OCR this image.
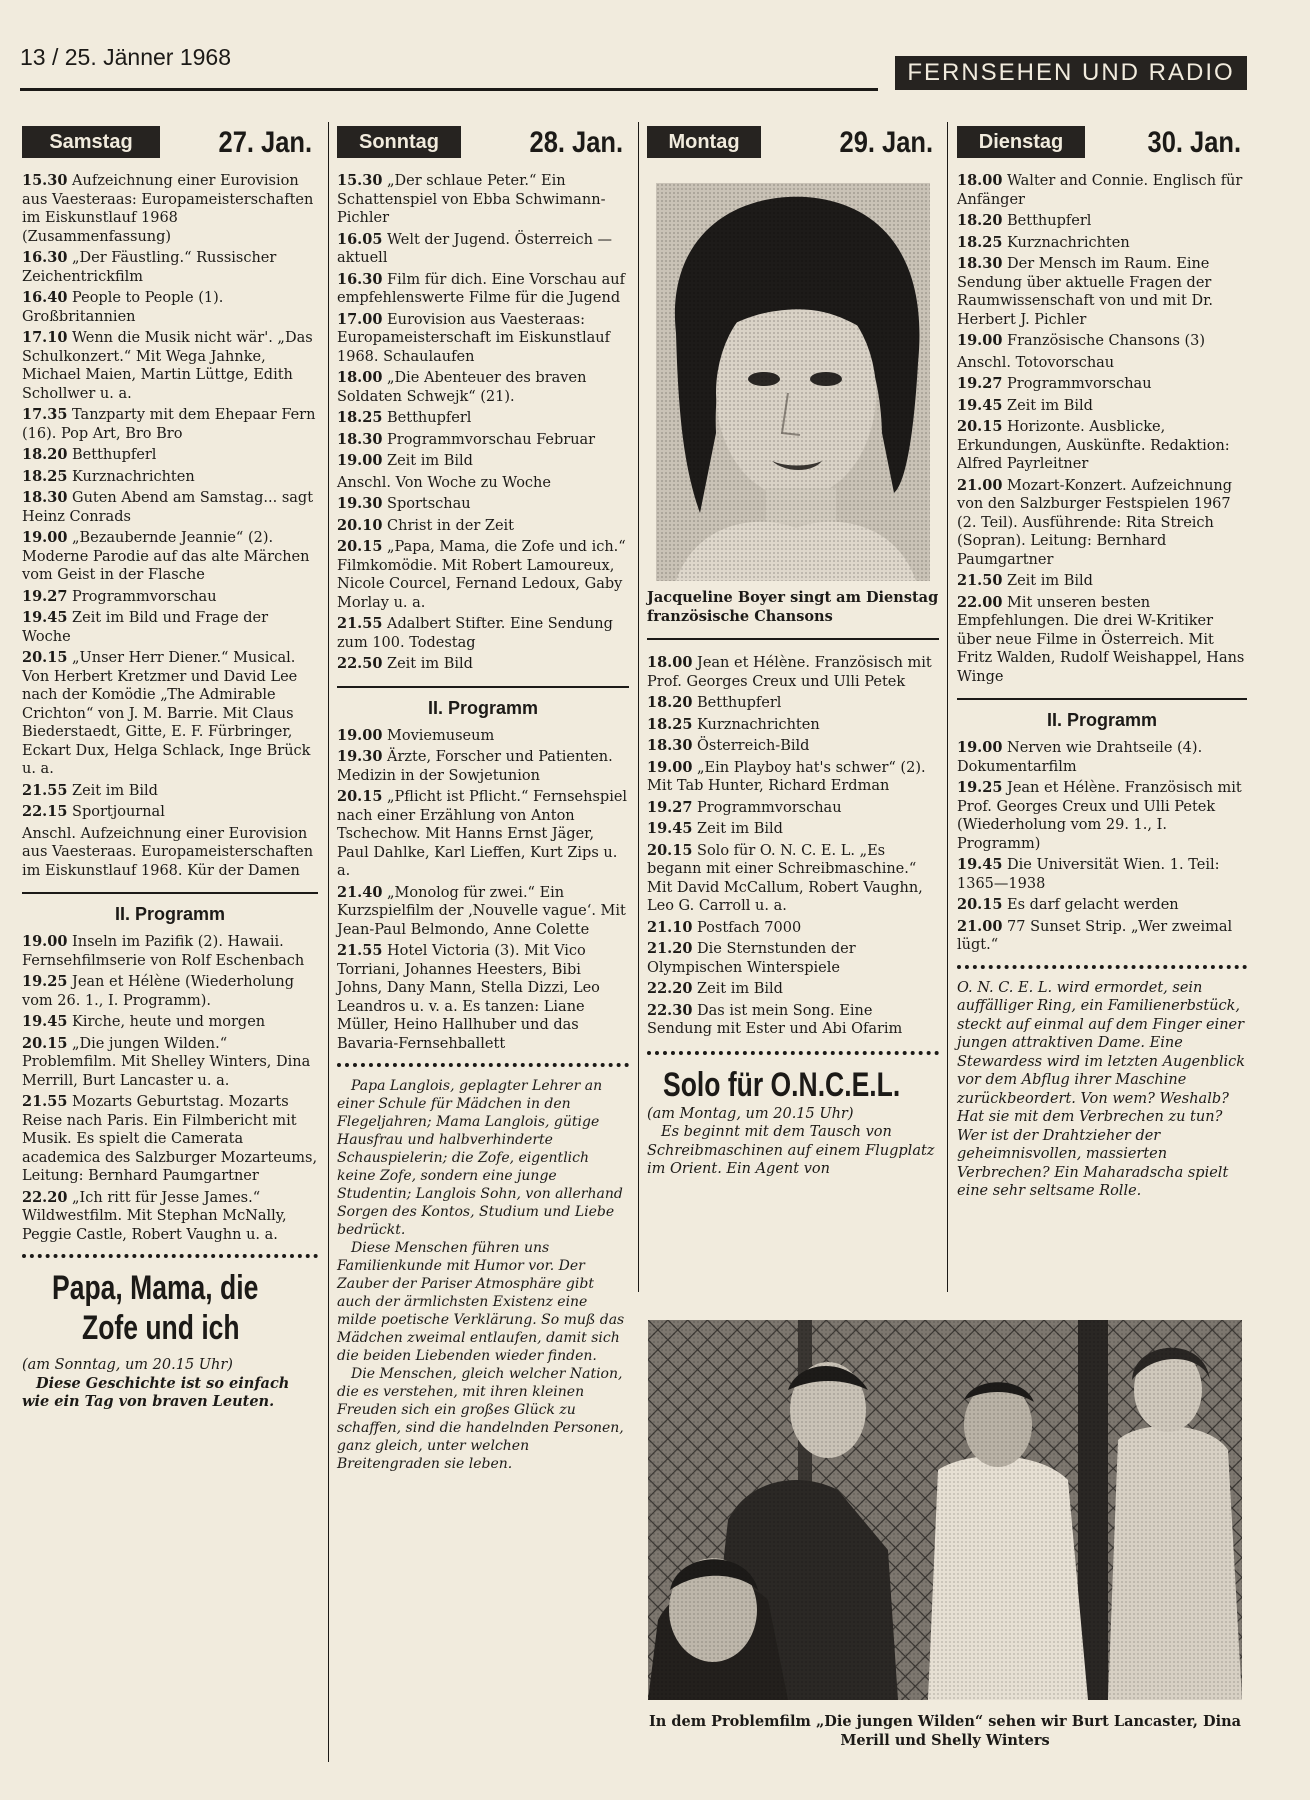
13 / 25. Jänner 1968
FERNSEHEN UND RADIO
Samstag	27. Jan.
15.30 Aufzeichnung einer Eurovision aus Vaesteraas: Europameisterschaften im Eiskunstlauf 1968 (Zusammenfassung)
16.30 „Der Fäustling.“ Russischer Zeichentrickfilm
16.40 People to People (1). Großbritannien
17.10 Wenn die Musik nicht wär'. „Das Schulkonzert.“ Mit Wega Jahnke, Michael Maien, Martin Lüttge, Edith Schollwer u. a.
17.35 Tanzparty mit dem Ehepaar Fern (16). Pop Art, Bro Bro
18.20 Betthupferl
18.25 Kurznachrichten
18.30 Guten Abend am Samstag... sagt Heinz Conrads
19.00 „Bezaubernde Jeannie“ (2). Moderne Parodie auf das alte Märchen vom Geist in der Flasche
19.27 Programmvorschau
19.45 Zeit im Bild und Frage der Woche
20.15 „Unser Herr Diener.“ Musical. Von Herbert Kretzmer und David Lee nach der Komödie „The Admirable Crichton“ von J. M. Barrie. Mit Claus Biederstaedt, Gitte, E. F. Fürbringer, Eckart Dux, Helga Schlack, Inge Brück u. a.
21.55 Zeit im Bild
22.15 Sportjournal
Anschl. Aufzeichnung einer Eurovision aus Vaesteraas. Europameisterschaften im Eiskunstlauf 1968. Kür der Damen
II. Programm
19.00 Inseln im Pazifik (2). Hawaii. Fernsehfilmserie von Rolf Eschenbach
19.25 Jean et Hélène (Wiederholung vom 26. 1., I. Programm).
19.45 Kirche, heute und morgen
20.15 „Die jungen Wilden.“ Problemfilm. Mit Shelley Winters, Dina Merrill, Burt Lancaster u. a.
21.55 Mozarts Geburtstag. Mozarts Reise nach Paris. Ein Filmbericht mit Musik. Es spielt die Camerata academica des Salzburger Mozarteums, Leitung: Bernhard Paumgartner
22.20 „Ich ritt für Jesse James.“ Wildwestfilm. Mit Stephan McNally, Peggie Castle, Robert Vaughn u. a.
Papa, Mama, die
Zofe und ich
(am Sonntag, um 20.15 Uhr)
Diese Geschichte ist so einfach wie ein Tag von braven Leuten.
Sonntag	28. Jan.
15.30 „Der schlaue Peter.“ Ein Schattenspiel von Ebba Schwimann-Pichler
16.05 Welt der Jugend. Österreich — aktuell
16.30 Film für dich. Eine Vorschau auf empfehlenswerte Filme für die Jugend
17.00 Eurovision aus Vaesteraas: Europameisterschaft im Eiskunstlauf 1968. Schaulaufen
18.00 „Die Abenteuer des braven Soldaten Schwejk“ (21).
18.25 Betthupferl
18.30 Programmvorschau Februar
19.00 Zeit im Bild
Anschl. Von Woche zu Woche
19.30 Sportschau
20.10 Christ in der Zeit
20.15 „Papa, Mama, die Zofe und ich.“ Filmkomödie. Mit Robert Lamoureux, Nicole Courcel, Fernand Ledoux, Gaby Morlay u. a.
21.55 Adalbert Stifter. Eine Sendung zum 100. Todestag
22.50 Zeit im Bild
II. Programm
19.00 Moviemuseum
19.30 Ärzte, Forscher und Patienten. Medizin in der Sowjetunion
20.15 „Pflicht ist Pflicht.“ Fernsehspiel nach einer Erzählung von Anton Tschechow. Mit Hanns Ernst Jäger, Paul Dahlke, Karl Lieffen, Kurt Zips u. a.
21.40 „Monolog für zwei.“ Ein Kurzspielfilm der ‚Nouvelle vague‘. Mit Jean-Paul Belmondo, Anne Colette
21.55 Hotel Victoria (3). Mit Vico Torriani, Johannes Heesters, Bibi Johns, Dany Mann, Stella Dizzi, Leo Leandros u. v. a. Es tanzen: Liane Müller, Heino Hallhuber und das Bavaria-Fernsehballett
Papa Langlois, geplagter Lehrer an einer Schule für Mädchen in den Flegeljahren; Mama Langlois, gütige Hausfrau und halbverhinderte Schauspielerin; die Zofe, eigentlich keine Zofe, sondern eine junge Studentin; Langlois Sohn, von allerhand Sorgen des Kontos, Studium und Liebe bedrückt.
Diese Menschen führen uns Familienkunde mit Humor vor. Der Zauber der Pariser Atmosphäre gibt auch der ärmlichsten Existenz eine milde poetische Verklärung. So muß das Mädchen zweimal entlaufen, damit sich die beiden Liebenden wieder finden.
Die Menschen, gleich welcher Nation, die es verstehen, mit ihren kleinen Freuden sich ein großes Glück zu schaffen, sind die handelnden Personen, ganz gleich, unter welchen Breitengraden sie leben.
Montag	29. Jan.
Jacqueline Boyer singt am Dienstag französische Chansons
18.00 Jean et Hélène. Französisch mit Prof. Georges Creux und Ulli Petek
18.20 Betthupferl
18.25 Kurznachrichten
18.30 Österreich-Bild
19.00 „Ein Playboy hat's schwer“ (2). Mit Tab Hunter, Richard Erdman
19.27 Programmvorschau
19.45 Zeit im Bild
20.15 Solo für O. N. C. E. L. „Es begann mit einer Schreibmaschine.“ Mit David McCallum, Robert Vaughn, Leo G. Carroll u. a.
21.10 Postfach 7000
21.20 Die Sternstunden der Olympischen Winterspiele
22.20 Zeit im Bild
22.30 Das ist mein Song. Eine Sendung mit Ester und Abi Ofarim
Solo für O.N.C.E.L.
(am Montag, um 20.15 Uhr)
Es beginnt mit dem Tausch von Schreibmaschinen auf einem Flugplatz im Orient. Ein Agent von
Dienstag	30. Jan.
18.00 Walter and Connie. Englisch für Anfänger
18.20 Betthupferl
18.25 Kurznachrichten
18.30 Der Mensch im Raum. Eine Sendung über aktuelle Fragen der Raumwissenschaft von und mit Dr. Herbert J. Pichler
19.00 Französische Chansons (3)
Anschl. Totovorschau
19.27 Programmvorschau
19.45 Zeit im Bild
20.15 Horizonte. Ausblicke, Erkundungen, Auskünfte. Redaktion: Alfred Payrleitner
21.00 Mozart-Konzert. Aufzeichnung von den Salzburger Festspielen 1967 (2. Teil). Ausführende: Rita Streich (Sopran). Leitung: Bernhard Paumgartner
21.50 Zeit im Bild
22.00 Mit unseren besten Empfehlungen. Die drei W-Kritiker über neue Filme in Österreich. Mit Fritz Walden, Rudolf Weishappel, Hans Winge
II. Programm
19.00 Nerven wie Drahtseile (4). Dokumentarfilm
19.25 Jean et Hélène. Französisch mit Prof. Georges Creux und Ulli Petek (Wiederholung vom 29. 1., I. Programm)
19.45 Die Universität Wien. 1. Teil: 1365—1938
20.15 Es darf gelacht werden
21.00 77 Sunset Strip. „Wer zweimal lügt.“
O. N. C. E. L. wird ermordet, sein auffälliger Ring, ein Familienerbstück, steckt auf einmal auf dem Finger einer jungen attraktiven Dame. Eine Stewardess wird im letzten Augenblick vor dem Abflug ihrer Maschine zurückbeordert. Von wem? Weshalb? Hat sie mit dem Verbrechen zu tun? Wer ist der Drahtzieher der geheimnisvollen, massierten Verbrechen? Ein Maharadscha spielt eine sehr seltsame Rolle.
In dem Problemfilm „Die jungen Wilden“ sehen wir Burt Lancaster, Dina Merill und Shelly Winters
